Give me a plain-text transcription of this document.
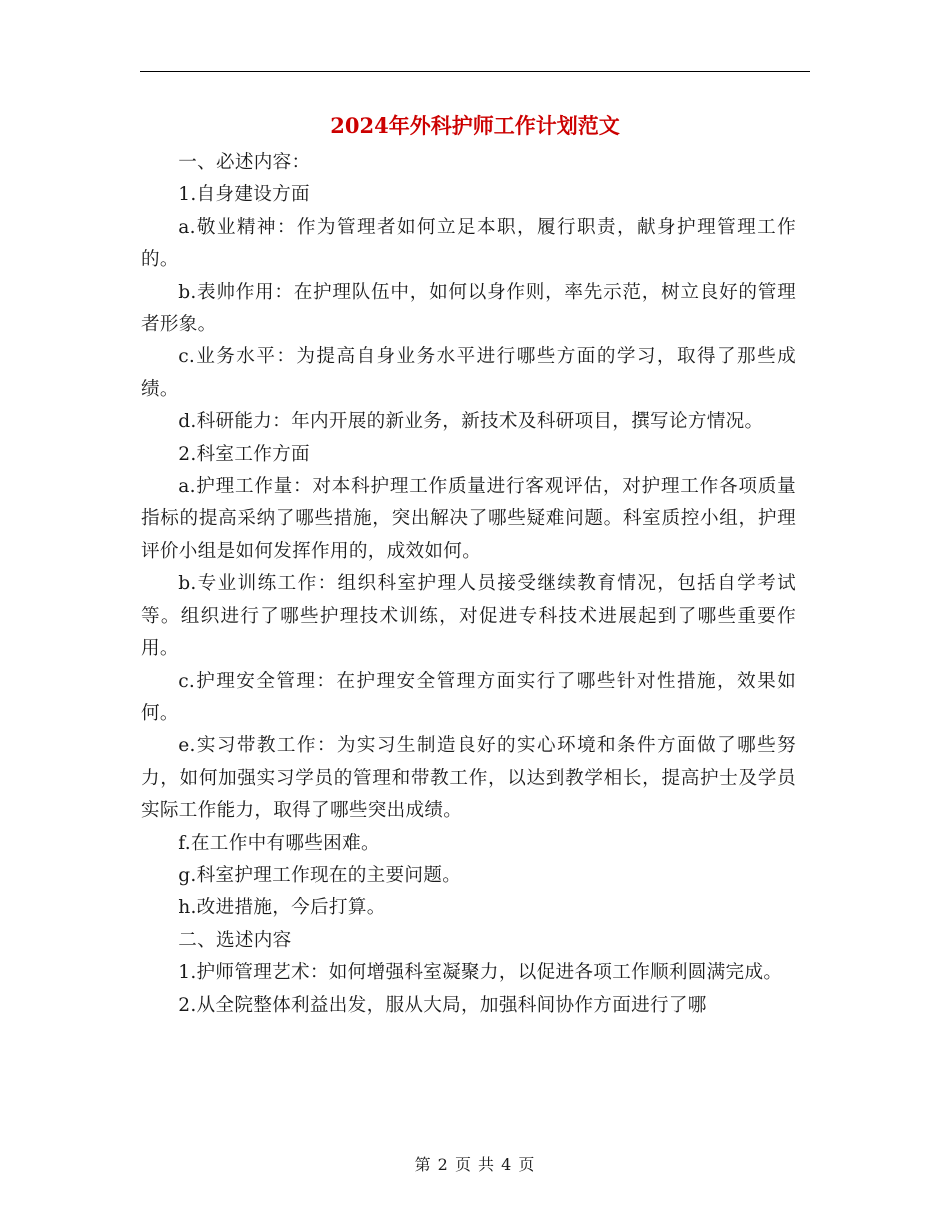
2024年外科护师工作计划范文

一、必述内容：

1.自身建设方面

a.敬业精神：作为管理者如何立足本职，履行职责，献身护理管理工作的。

b.表帅作用：在护理队伍中，如何以身作则，率先示范，树立良好的管理者形象。

c.业务水平：为提高自身业务水平进行哪些方面的学习，取得了那些成绩。

d.科研能力：年内开展的新业务，新技术及科研项目，撰写论方情况。

2.科室工作方面

a.护理工作量：对本科护理工作质量进行客观评估，对护理工作各项质量指标的提高采纳了哪些措施，突出解决了哪些疑难问题。科室质控小组，护理评价小组是如何发挥作用的，成效如何。

b.专业训练工作：组织科室护理人员接受继续教育情况，包括自学考试等。组织进行了哪些护理技术训练，对促进专科技术进展起到了哪些重要作用。

c.护理安全管理：在护理安全管理方面实行了哪些针对性措施，效果如何。

e.实习带教工作：为实习生制造良好的实心环境和条件方面做了哪些努力，如何加强实习学员的管理和带教工作，以达到教学相长，提高护士及学员实际工作能力，取得了哪些突出成绩。

f.在工作中有哪些困难。

g.科室护理工作现在的主要问题。

h.改进措施，今后打算。

二、选述内容

1.护师管理艺术：如何增强科室凝聚力，以促进各项工作顺利圆满完成。

2.从全院整体利益出发，服从大局，加强科间协作方面进行了哪

第 2 页 共 4 页
